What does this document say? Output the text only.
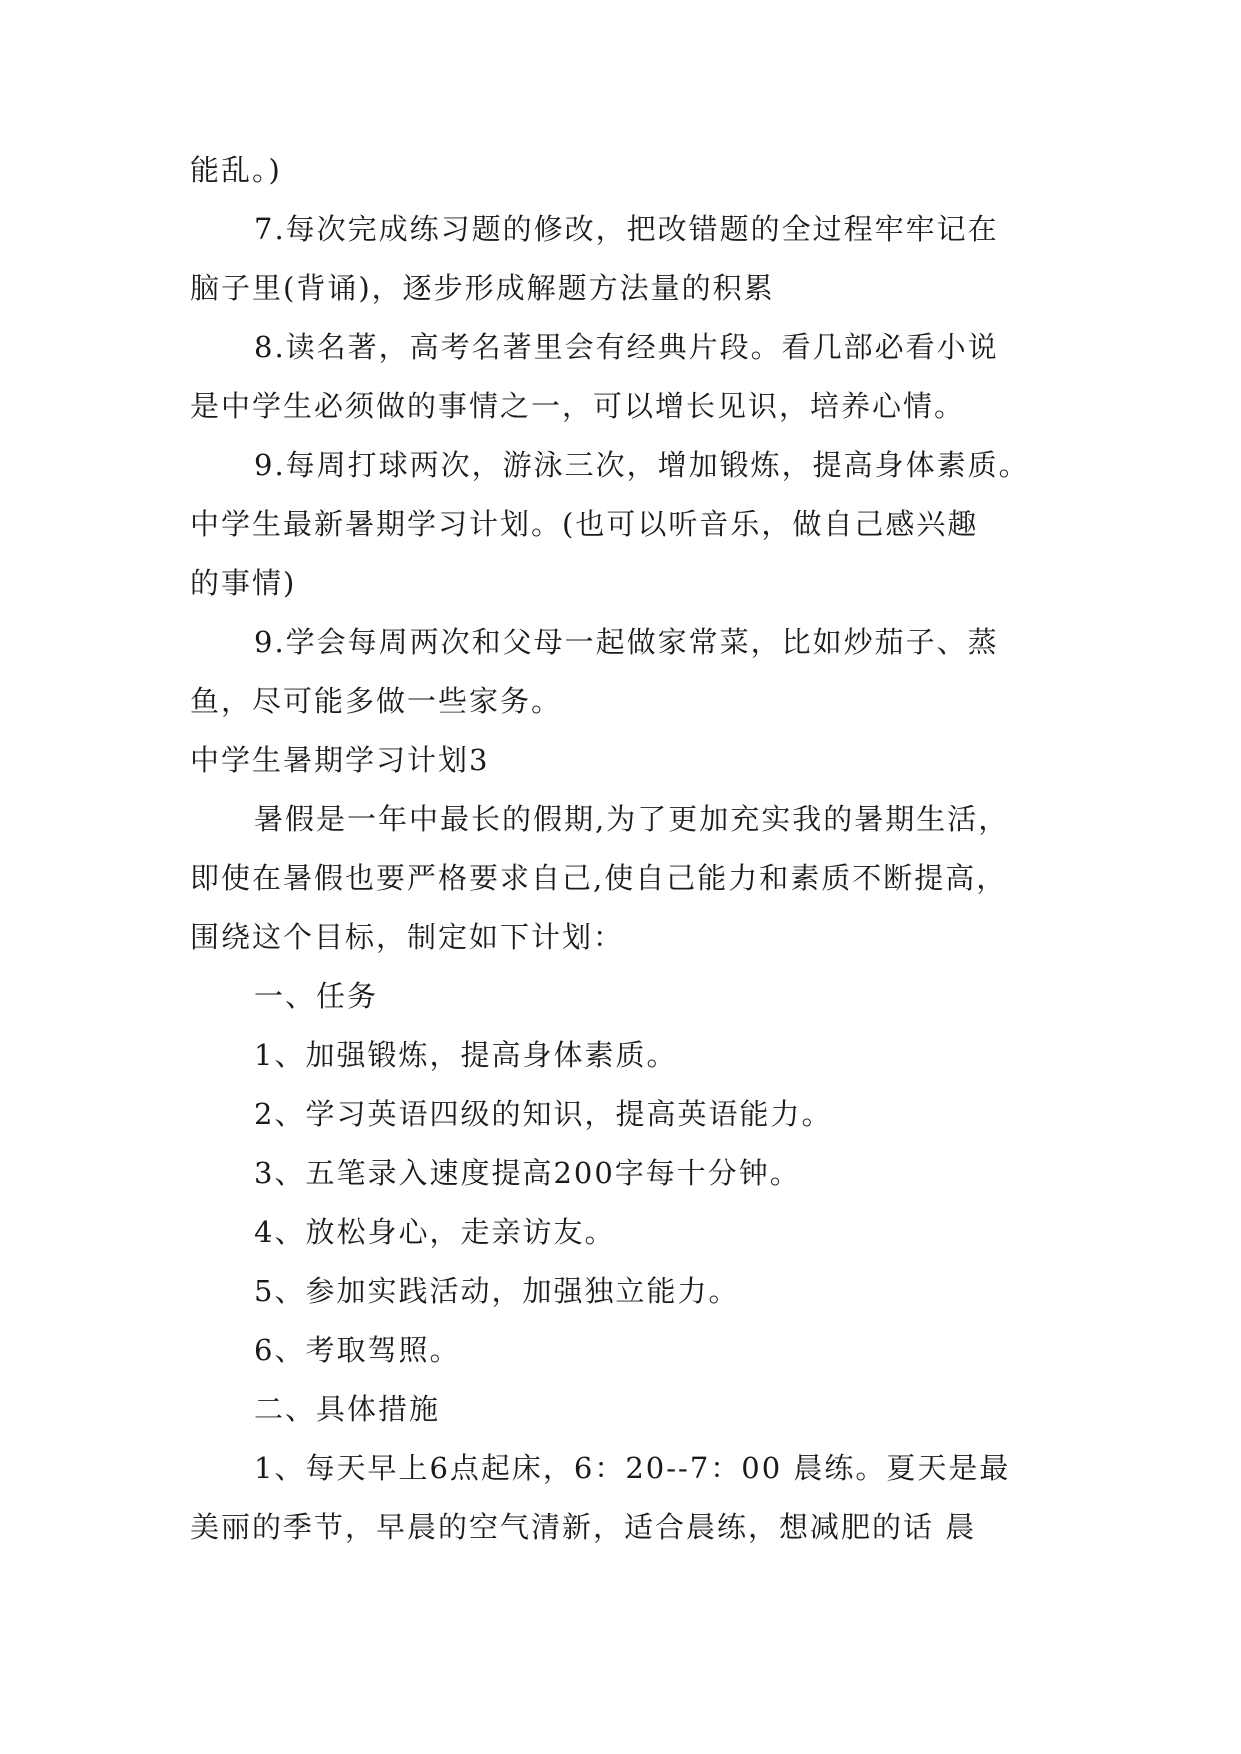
能乱。)
7.每次完成练习题的修改，把改错题的全过程牢牢记在
脑子里(背诵)，逐步形成解题方法量的积累
8.读名著，高考名著里会有经典片段。看几部必看小说
是中学生必须做的事情之一，可以增长见识，培养心情。
9.每周打球两次，游泳三次，增加锻炼，提高身体素质。
中学生最新暑期学习计划。(也可以听音乐，做自己感兴趣
的事情)
9.学会每周两次和父母一起做家常菜，比如炒茄子、蒸
鱼，尽可能多做一些家务。
中学生暑期学习计划3
暑假是一年中最长的假期,为了更加充实我的暑期生活，
即使在暑假也要严格要求自己,使自己能力和素质不断提高，
围绕这个目标，制定如下计划：
一、任务
1、加强锻炼，提高身体素质。
2、学习英语四级的知识，提高英语能力。
3、五笔录入速度提高200字每十分钟。
4、放松身心，走亲访友。
5、参加实践活动，加强独立能力。
6、考取驾照。
二、具体措施
1、每天早上6点起床，6：20--7：00 晨练。夏天是最
美丽的季节，早晨的空气清新，适合晨练，想减肥的话 晨
